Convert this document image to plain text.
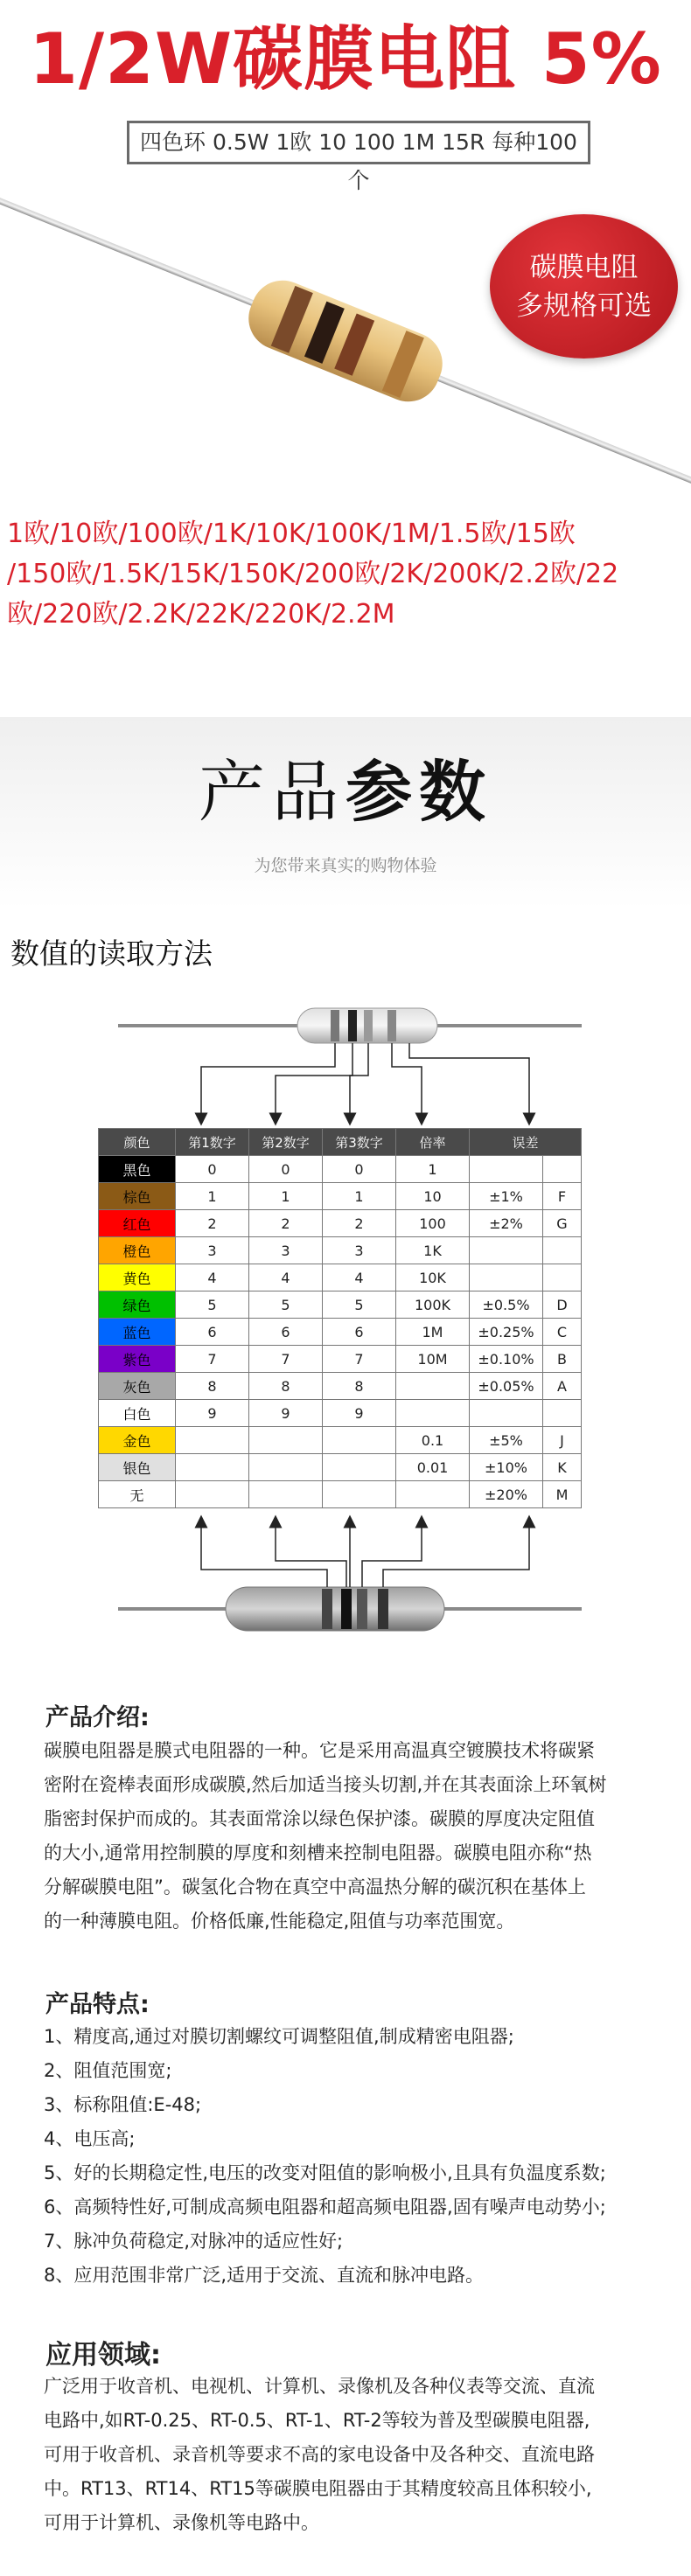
1/2W碳膜电阻 5%
四色环 0.5W 1欧 10 100 1M 15R 每种100个
碳膜电阻
多规格可选
1欧/10欧/100欧/1K/10K/100K/1M/1.5欧/15欧
/150欧/1.5K/15K/150K/200欧/2K/200K/2.2欧/22
欧/220欧/2.2K/22K/220K/2.2M
产品参数
为您带来真实的购物体验
数值的读取方法
颜色	第1数字	第2数字	第3数字	倍率	误差	
黑色	0	0	0	1		
棕色	1	1	1	10	±1%	F
红色	2	2	2	100	±2%	G
橙色	3	3	3	1K		
黄色	4	4	4	10K		
绿色	5	5	5	100K	±0.5%	D
蓝色	6	6	6	1M	±0.25%	C
紫色	7	7	7	10M	±0.10%	B
灰色	8	8	8		±0.05%	A
白色	9	9	9			
金色				0.1	±5%	J
银色				0.01	±10%	K
无					±20%	M
产品介绍:
碳膜电阻器是膜式电阻器的一种。它是采用高温真空镀膜技术将碳紧
密附在瓷棒表面形成碳膜,然后加适当接头切割,并在其表面涂上环氧树
脂密封保护而成的。其表面常涂以绿色保护漆。碳膜的厚度决定阻值
的大小,通常用控制膜的厚度和刻槽来控制电阻器。碳膜电阻亦称“热
分解碳膜电阻”。碳氢化合物在真空中高温热分解的碳沉积在基体上
的一种薄膜电阻。价格低廉,性能稳定,阻值与功率范围宽。
产品特点:
1、精度高,通过对膜切割螺纹可调整阻值,制成精密电阻器;
2、阻值范围宽;
3、标称阻值:E-48;
4、电压高;
5、好的长期稳定性,电压的改变对阻值的影响极小,且具有负温度系数;
6、高频特性好,可制成高频电阻器和超高频电阻器,固有噪声电动势小;
7、脉冲负荷稳定,对脉冲的适应性好;
8、应用范围非常广泛,适用于交流、直流和脉冲电路。
应用领域:
广泛用于收音机、电视机、计算机、录像机及各种仪表等交流、直流
电路中,如RT-0.25、RT-0.5、RT-1、RT-2等较为普及型碳膜电阻器,
可用于收音机、录音机等要求不高的家电设备中及各种交、直流电路
中。RT13、RT14、RT15等碳膜电阻器由于其精度较高且体积较小,
可用于计算机、录像机等电路中。
